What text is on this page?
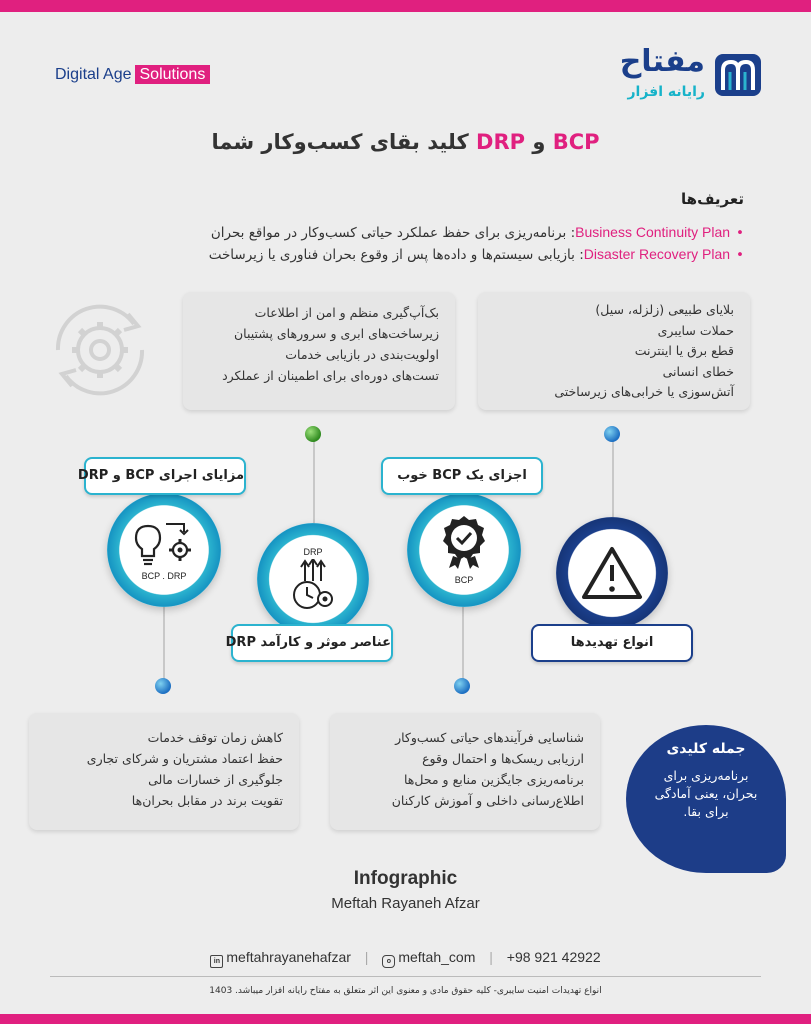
Digital Age Solutions	مفتاح
رایانه افزار
BCP و DRP کلید بقای کسب‌وکار شما
تعریف‌ها
•Business Continuity Plan: برنامه‌ریزی برای حفظ عملکرد حیاتی کسب‌وکار در مواقع بحران
•Disaster Recovery Plan: بازیابی سیستم‌ها و داده‌ها پس از وقوع بحران فناوری یا زیرساخت
بک‌آپ‌گیری منظم و امن از اطلاعات
زیرساخت‌های ابری و سرورهای پشتیبان
اولویت‌بندی در بازیابی خدمات
تست‌های دوره‌ای برای اطمینان از عملکرد
بلایای طبیعی (زلزله، سیل)
حملات سایبری
قطع برق یا اینترنت
خطای انسانی
آتش‌سوزی یا خرابی‌های زیرساختی
BCP . DRP
DRP
BCP
مزایای اجرای BCP و DRP	اجزای یک BCP خوب
عناصر موثر و کارآمد DRP	انواع تهدیدها
کاهش زمان توقف خدمات
حفظ اعتماد مشتریان و شرکای تجاری
جلوگیری از خسارات مالی
تقویت برند در مقابل بحران‌ها
شناسایی فرآیندهای حیاتی کسب‌وکار
ارزیابی ریسک‌ها و احتمال وقوع
برنامه‌ریزی جایگزین منابع و محل‌ها
اطلاع‌رسانی داخلی و آموزش کارکنان
جمله کلیدی
برنامه‌ریزی برای بحران، یعنی آمادگی برای بقا.
Infographic
Meftah Rayaneh Afzar
in meftahrayanehafzar |	o meftah_com | +98 921 42922
انواع تهدیدات امنیت سایبری- کلیه حقوق مادی و معنوی این اثر متعلق به مفتاح رایانه افزار میباشد. 1403
